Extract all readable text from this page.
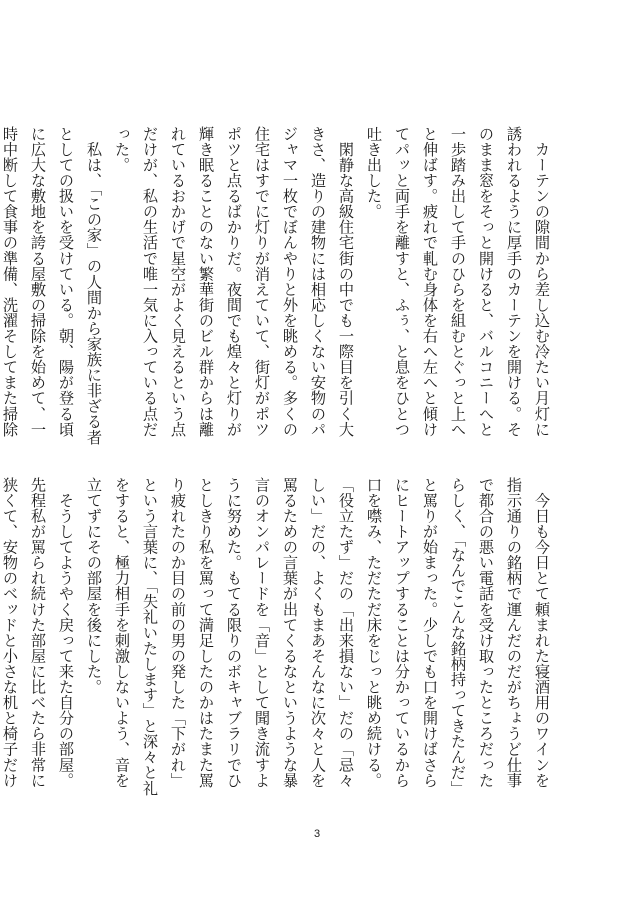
　カーテンの隙間から差し込む冷たい月灯に誘われるように厚手のカーテンを開ける。そのまま窓をそっと開けると、バルコニーへと一歩踏み出して手のひらを組むとぐっと上へと伸ばす。疲れで軋む身体を右へ左へと傾けてパッと両手を離すと、ふぅ、と息をひとつ吐き出した。

　閑静な高級住宅街の中でも一際目を引く大きさ、造りの建物には相応しくない安物のパジャマ一枚でぼんやりと外を眺める。多くの住宅はすでに灯りが消えていて、街灯がポツポツと点るばかりだ。夜間でも煌々と灯りが輝き眠ることのない繁華街のビル群からは離れているおかげで星空がよく見えるという点だけが、私の生活で唯一気に入っている点だった。

　私は、「この家」の人間から家族に非ざる者としての扱いを受けている。朝、陽が登る頃に広大な敷地を誇る屋敷の掃除を始めて、一時中断して食事の準備、洗濯そしてまた掃除

　今日も今日とて頼まれた寝酒用のワインを指示通りの銘柄で運んだのだがちょうど仕事で都合の悪い電話を受け取ったところだったらしく、「なんでこんな銘柄持ってきたんだ」と罵りが始まった。少しでも口を開けばさらにヒートアップすることは分かっているから口を噤み、ただただ床をじっと眺め続ける。「役立たず」だの「出来損ない」だの「忌々しい」だの、よくもまあそんなに次々と人を罵るための言葉が出てくるなというような暴言のオンパレードを「音」として聞き流すように努めた。もてる限りのボキャブラリでひとしきり私を罵って満足したのかはたまた罵り疲れたのか目の前の男の発した「下がれ」という言葉に、「失礼いたします」と深々と礼をすると、極力相手を刺激しないよう、音を立てずにその部屋を後にした。

　そうしてようやく戻って来た自分の部屋。先程私が罵られ続けた部屋に比べたら非常に狭くて、安物のベッドと小さな机と椅子だけ

3
